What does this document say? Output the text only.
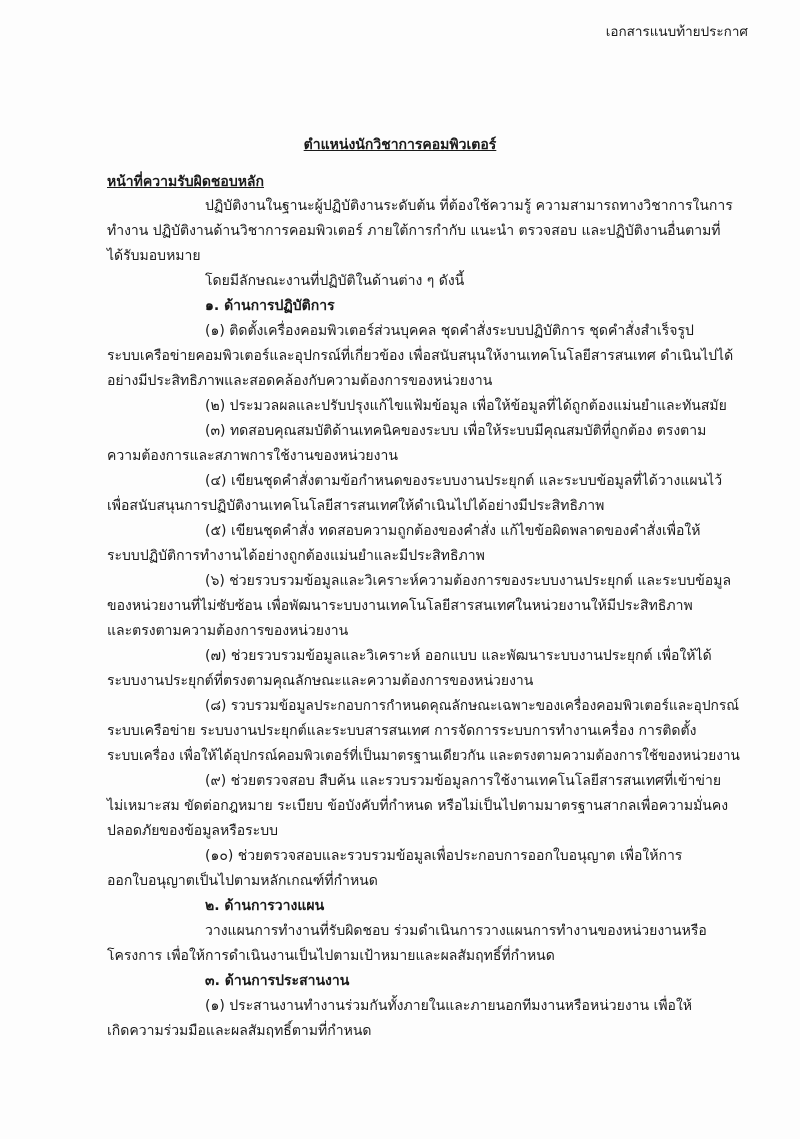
เอกสารแนบท้ายประกาศ
ตำแหน่งนักวิชาการคอมพิวเตอร์
หน้าที่ความรับผิดชอบหลัก
ปฏิบัติงานในฐานะผู้ปฏิบัติงานระดับต้น ที่ต้องใช้ความรู้ ความสามารถทางวิชาการในการ
ทำงาน ปฏิบัติงานด้านวิชาการคอมพิวเตอร์ ภายใต้การกำกับ แนะนำ ตรวจสอบ และปฏิบัติงานอื่นตามที่
ได้รับมอบหมาย
โดยมีลักษณะงานที่ปฏิบัติในด้านต่าง ๆ ดังนี้
๑. ด้านการปฏิบัติการ
(๑) ติดตั้งเครื่องคอมพิวเตอร์ส่วนบุคคล ชุดคำสั่งระบบปฏิบัติการ ชุดคำสั่งสำเร็จรูป
ระบบเครือข่ายคอมพิวเตอร์และอุปกรณ์ที่เกี่ยวข้อง เพื่อสนับสนุนให้งานเทคโนโลยีสารสนเทศ ดำเนินไปได้
อย่างมีประสิทธิภาพและสอดคล้องกับความต้องการของหน่วยงาน
(๒) ประมวลผลและปรับปรุงแก้ไขแฟ้มข้อมูล เพื่อให้ข้อมูลที่ได้ถูกต้องแม่นยำและทันสมัย
(๓) ทดสอบคุณสมบัติด้านเทคนิคของระบบ เพื่อให้ระบบมีคุณสมบัติที่ถูกต้อง ตรงตาม
ความต้องการและสภาพการใช้งานของหน่วยงาน
(๔) เขียนชุดคำสั่งตามข้อกำหนดของระบบงานประยุกต์ และระบบข้อมูลที่ได้วางแผนไว้
เพื่อสนับสนุนการปฏิบัติงานเทคโนโลยีสารสนเทศให้ดำเนินไปได้อย่างมีประสิทธิภาพ
(๕) เขียนชุดคำสั่ง ทดสอบความถูกต้องของคำสั่ง แก้ไขข้อผิดพลาดของคำสั่งเพื่อให้
ระบบปฏิบัติการทำงานได้อย่างถูกต้องแม่นยำและมีประสิทธิภาพ
(๖) ช่วยรวบรวมข้อมูลและวิเคราะห์ความต้องการของระบบงานประยุกต์ และระบบข้อมูล
ของหน่วยงานที่ไม่ซับซ้อน เพื่อพัฒนาระบบงานเทคโนโลยีสารสนเทศในหน่วยงานให้มีประสิทธิภาพ
และตรงตามความต้องการของหน่วยงาน
(๗) ช่วยรวบรวมข้อมูลและวิเคราะห์ ออกแบบ และพัฒนาระบบงานประยุกต์ เพื่อให้ได้
ระบบงานประยุกต์ที่ตรงตามคุณลักษณะและความต้องการของหน่วยงาน
(๘) รวบรวมข้อมูลประกอบการกำหนดคุณลักษณะเฉพาะของเครื่องคอมพิวเตอร์และอุปกรณ์
ระบบเครือข่าย ระบบงานประยุกต์และระบบสารสนเทศ การจัดการระบบการทำงานเครื่อง การติดตั้ง
ระบบเครื่อง เพื่อให้ได้อุปกรณ์คอมพิวเตอร์ที่เป็นมาตรฐานเดียวกัน และตรงตามความต้องการใช้ของหน่วยงาน
(๙) ช่วยตรวจสอบ สืบค้น และรวบรวมข้อมูลการใช้งานเทคโนโลยีสารสนเทศที่เข้าข่าย
ไม่เหมาะสม ขัดต่อกฎหมาย ระเบียบ ข้อบังคับที่กำหนด หรือไม่เป็นไปตามมาตรฐานสากลเพื่อความมั่นคง
ปลอดภัยของข้อมูลหรือระบบ
(๑๐) ช่วยตรวจสอบและรวบรวมข้อมูลเพื่อประกอบการออกใบอนุญาต เพื่อให้การ
ออกใบอนุญาตเป็นไปตามหลักเกณฑ์ที่กำหนด
๒. ด้านการวางแผน
วางแผนการทำงานที่รับผิดชอบ ร่วมดำเนินการวางแผนการทำงานของหน่วยงานหรือ
โครงการ เพื่อให้การดำเนินงานเป็นไปตามเป้าหมายและผลสัมฤทธิ์ที่กำหนด
๓. ด้านการประสานงาน
(๑) ประสานงานทำงานร่วมกันทั้งภายในและภายนอกทีมงานหรือหน่วยงาน เพื่อให้
เกิดความร่วมมือและผลสัมฤทธิ์ตามที่กำหนด
